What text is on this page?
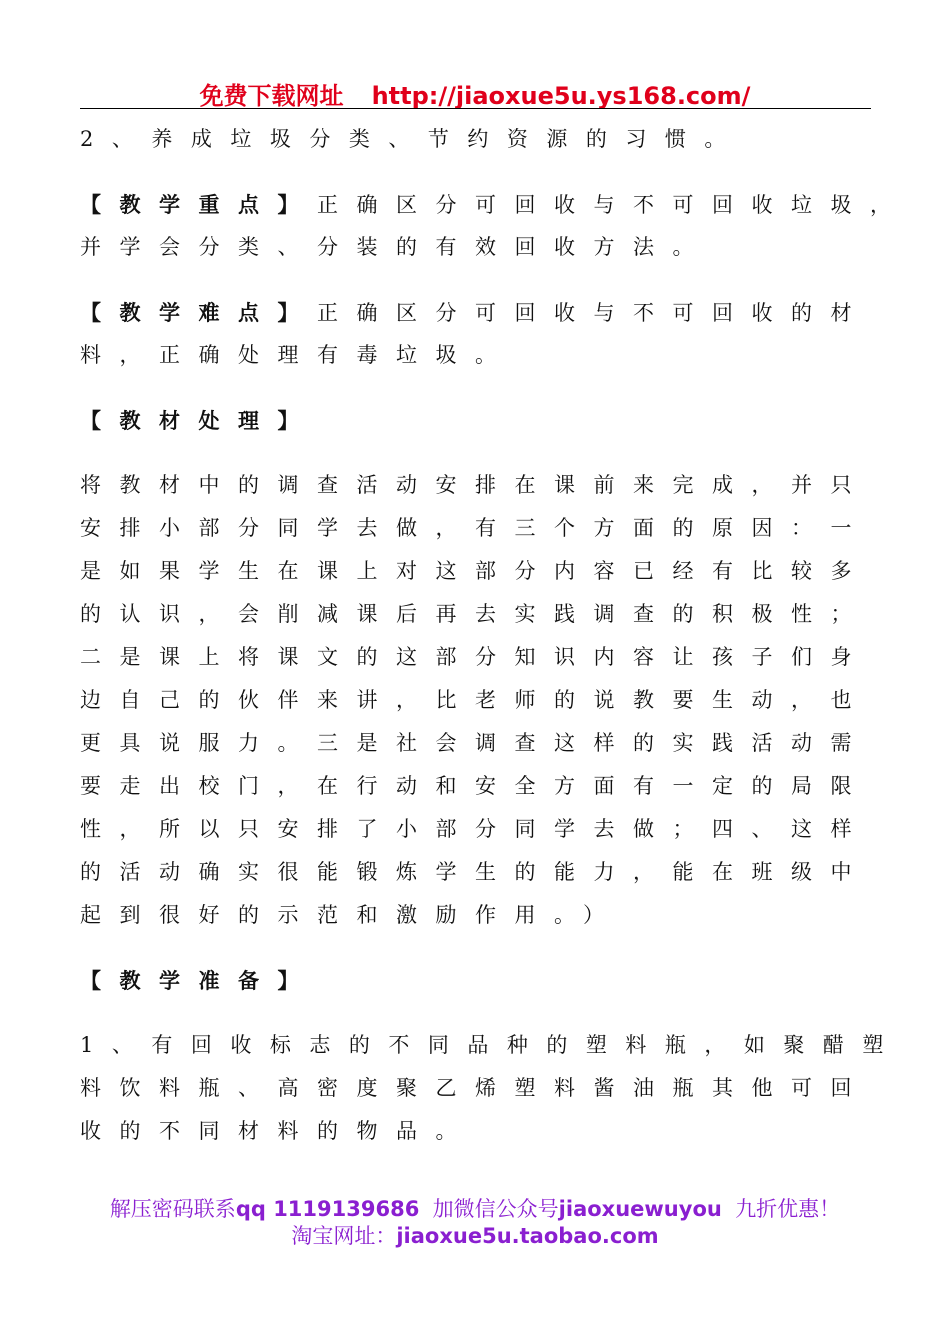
免费下载网址 http://jiaoxue5u.ys168.com/
2、养成垃圾分类、节约资源的习惯。
【教学重点】正确区分可回收与不可回收垃圾，
并学会分类、分装的有效回收方法。
【教学难点】正确区分可回收与不可回收的材
料，正确处理有毒垃圾。
【教材处理】
将教材中的调查活动安排在课前来完成，并只
安排小部分同学去做，有三个方面的原因：一
是如果学生在课上对这部分内容已经有比较多
的认识，会削减课后再去实践调查的积极性；
二是课上将课文的这部分知识内容让孩子们身
边自己的伙伴来讲，比老师的说教要生动，也
更具说服力。三是社会调查这样的实践活动需
要走出校门，在行动和安全方面有一定的局限
性，所以只安排了小部分同学去做；四、这样
的活动确实很能锻炼学生的能力，能在班级中
起到很好的示范和激励作用。）
【教学准备】
1、有回收标志的不同品种的塑料瓶，如聚醋塑
料饮料瓶、高密度聚乙烯塑料酱油瓶其他可回
收的不同材料的物品。
解压密码联系qq 1119139686 加微信公众号jiaoxuewuyou 九折优惠！
淘宝网址：jiaoxue5u.taobao.com
